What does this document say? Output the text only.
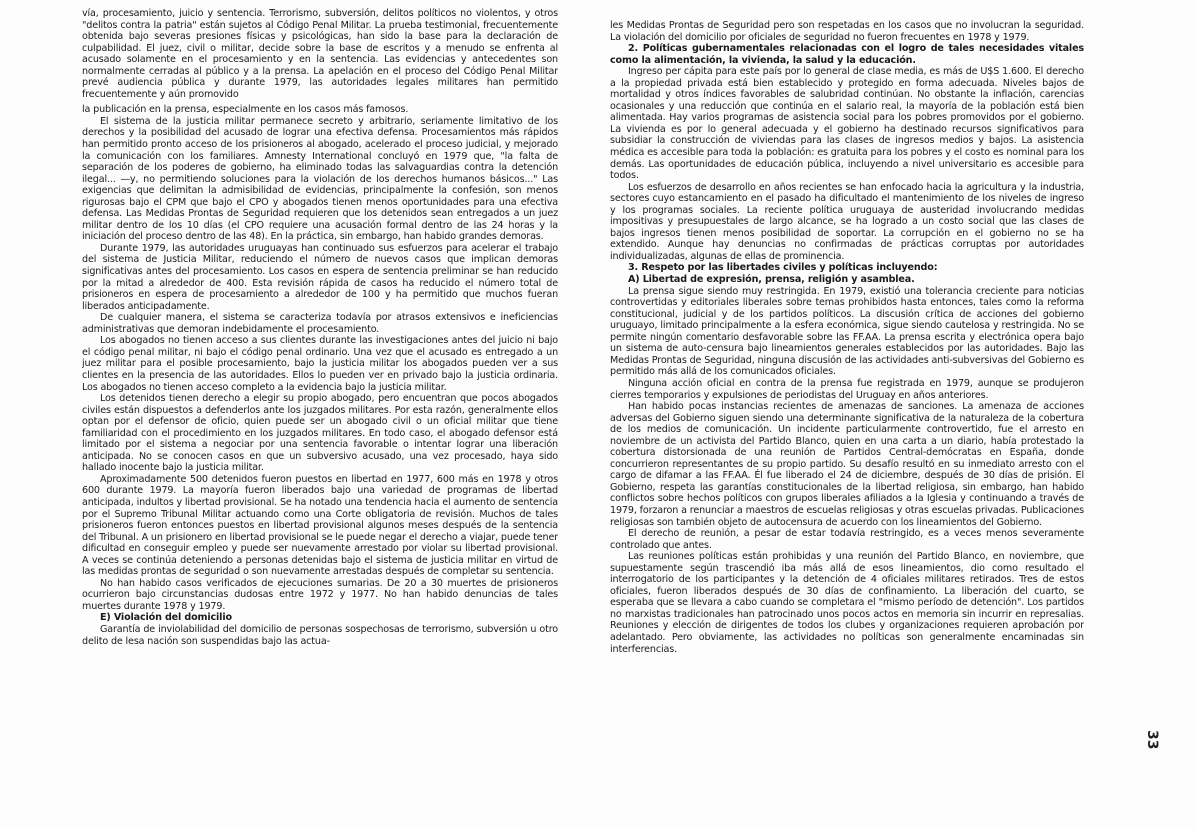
vía, procesamiento, juicio y sentencia. Terrorismo, subversión, delitos políticos no violentos, y otros "delitos contra la patria" están sujetos al Código Penal Militar. La prueba testimonial, frecuentemente obtenida bajo severas presiones físicas y psicológicas, han sido la base para la declaración de culpabilidad. El juez, civil o militar, decide sobre la base de escritos y a menudo se enfrenta al acusado solamente en el procesamiento y en la sentencia. Las evidencias y antecedentes son normalmente cerradas al público y a la prensa. La apelación en el proceso del Código Penal Militar prevé audiencia pública y durante 1979, las autoridades legales militares han permitido frecuentemente y aún promovido

la publicación en la prensa, especialmente en los casos más famosos.

El sistema de la justicia militar permanece secreto y arbitrario, seriamente limitativo de los derechos y la posibilidad del acusado de lograr una efectiva defensa. Procesamientos más rápidos han permitido pronto acceso de los prisioneros al abogado, acelerado el proceso judicial, y mejorado la comunicación con los familiares. Amnesty International concluyó en 1979 que, "la falta de separación de los poderes de gobierno, ha eliminado todas las salvaguardias contra la detención ilegal... —y, no permitiendo soluciones para la violación de los derechos humanos básicos..." Las exigencias que delimitan la admisibilidad de evidencias, principalmente la confesión, son menos rigurosas bajo el CPM que bajo el CPO y abogados tienen menos oportunidades para una efectiva defensa. Las Medidas Prontas de Seguridad requieren que los detenidos sean entregados a un juez militar dentro de los 10 días (el CPO requiere una acusación formal dentro de las 24 horas y la iniciación del proceso dentro de las 48). En la práctica, sin embargo, han habido grandes demoras.

Durante 1979, las autoridades uruguayas han continuado sus esfuerzos para acelerar el trabajo del sistema de Justicia Militar, reduciendo el número de nuevos casos que implican demoras significativas antes del procesamiento. Los casos en espera de sentencia preliminar se han reducido por la mitad a alrededor de 400. Esta revisión rápida de casos ha reducido el número total de prisioneros en espera de procesamiento a alrededor de 100 y ha permitido que muchos fueran liberados anticipadamente.

De cualquier manera, el sistema se caracteriza todavía por atrasos extensivos e ineficiencias administrativas que demoran indebidamente el procesamiento.

Los abogados no tienen acceso a sus clientes durante las investigaciones antes del juicio ni bajo el código penal militar, ni bajo el código penal ordinario. Una vez que el acusado es entregado a un juez militar para el posible procesamiento, bajo la justicia militar los abogados pueden ver a sus clientes en la presencia de las autoridades. Ellos lo pueden ver en privado bajo la justicia ordinaria. Los abogados no tienen acceso completo a la evidencia bajo la justicia militar.

Los detenidos tienen derecho a elegir su propio abogado, pero encuentran que pocos abogados civiles están dispuestos a defenderlos ante los juzgados militares. Por esta razón, generalmente ellos optan por el defensor de oficio, quien puede ser un abogado civil o un oficial militar que tiene familiaridad con el procedimiento en los juzgados militares. En todo caso, el abogado defensor está limitado por el sistema a negociar por una sentencia favorable o intentar lograr una liberación anticipada. No se conocen casos en que un subversivo acusado, una vez procesado, haya sido hallado inocente bajo la justicia militar.

Aproximadamente 500 detenidos fueron puestos en libertad en 1977, 600 más en 1978 y otros 600 durante 1979. La mayoría fueron liberados bajo una variedad de programas de libertad anticipada, indultos y libertad provisional. Se ha notado una tendencia hacia el aumento de sentencia por el Supremo Tribunal Militar actuando como una Corte obligatoria de revisión. Muchos de tales prisioneros fueron entonces puestos en libertad provisional algunos meses después de la sentencia del Tribunal. A un prisionero en libertad provisional se le puede negar el derecho a viajar, puede tener dificultad en conseguir empleo y puede ser nuevamente arrestado por violar su libertad provisional. A veces se continúa deteniendo a personas detenidas bajo el sistema de justicia militar en virtud de las medidas prontas de seguridad o son nuevamente arrestadas después de completar su sentencia.

No han habido casos verificados de ejecuciones sumarias. De 20 a 30 muertes de prisioneros ocurrieron bajo circunstancias dudosas entre 1972 y 1977. No han habido denuncias de tales muertes durante 1978 y 1979.

E) Violación del domicilio

Garantía de inviolabilidad del domicilio de personas sospechosas de terrorismo, subversión u otro delito de lesa nación son suspendidas bajo las actua-

les Medidas Prontas de Seguridad pero son respetadas en los casos que no involucran la seguridad. La violación del domicilio por oficiales de seguridad no fueron frecuentes en 1978 y 1979.

2. Políticas gubernamentales relacionadas con el logro de tales necesidades vitales como la alimentación, la vivienda, la salud y la educación.

Ingreso per cápita para este país por lo general de clase media, es más de U$S 1.600. El derecho a la propiedad privada está bien establecido y protegido en forma adecuada. Niveles bajos de mortalidad y otros índices favorables de salubridad continúan. No obstante la inflación, carencias ocasionales y una reducción que continúa en el salario real, la mayoría de la población está bien alimentada. Hay varios programas de asistencia social para los pobres promovidos por el gobierno. La vivienda es por lo general adecuada y el gobierno ha destinado recursos significativos para subsidiar la construcción de viviendas para las clases de ingresos medios y bajos. La asistencia médica es accesible para toda la población: es gratuita para los pobres y el costo es nominal para los demás. Las oportunidades de educación pública, incluyendo a nivel universitario es accesible para todos.

Los esfuerzos de desarrollo en años recientes se han enfocado hacia la agricultura y la industria, sectores cuyo estancamiento en el pasado ha dificultado el mantenimiento de los niveles de ingreso y los programas sociales. La reciente política uruguaya de austeridad involucrando medidas impositivas y presupuestales de largo alcance, se ha logrado a un costo social que las clases de bajos ingresos tienen menos posibilidad de soportar. La corrupción en el gobierno no se ha extendido. Aunque hay denuncias no confirmadas de prácticas corruptas por autoridades individualizadas, algunas de ellas de prominencia.

3. Respeto por las libertades civiles y políticas incluyendo:

A) Libertad de expresión, prensa, religión y asamblea.

La prensa sigue siendo muy restringida. En 1979, existió una tolerancia creciente para noticias controvertidas y editoriales liberales sobre temas prohibidos hasta entonces, tales como la reforma constitucional, judicial y de los partidos políticos. La discusión crítica de acciones del gobierno uruguayo, limitado principalmente a la esfera económica, sigue siendo cautelosa y restringida. No se permite ningún comentario desfavorable sobre las FF.AA. La prensa escrita y electrónica opera bajo un sistema de auto-censura bajo lineamientos generales establecidos por las autoridades. Bajo las Medidas Prontas de Seguridad, ninguna discusión de las actividades anti-subversivas del Gobierno es permitido más allá de los comunicados oficiales.

Ninguna acción oficial en contra de la prensa fue registrada en 1979, aunque se produjeron cierres temporarios y expulsiones de periodistas del Uruguay en años anteriores.

Han habido pocas instancias recientes de amenazas de sanciones. La amenaza de acciones adversas del Gobierno siguen siendo una determinante significativa de la naturaleza de la cobertura de los medios de comunicación. Un incidente particularmente controvertido, fue el arresto en noviembre de un activista del Partido Blanco, quien en una carta a un diario, había protestado la cobertura distorsionada de una reunión de Partidos Central-demócratas en España, donde concurrieron representantes de su propio partido. Su desafío resultó en su inmediato arresto con el cargo de difamar a las FF.AA. Él fue liberado el 24 de diciembre, después de 30 días de prisión. El Gobierno, respeta las garantías constitucionales de la libertad religiosa, sin embargo, han habido conflictos sobre hechos políticos con grupos liberales afiliados a la Iglesia y continuando a través de 1979, forzaron a renunciar a maestros de escuelas religiosas y otras escuelas privadas. Publicaciones religiosas son también objeto de autocensura de acuerdo con los lineamientos del Gobierno.

El derecho de reunión, a pesar de estar todavía restringido, es a veces menos severamente controlado que antes.

Las reuniones políticas están prohibidas y una reunión del Partido Blanco, en noviembre, que supuestamente según trascendió iba más allá de esos lineamientos, dio como resultado el interrogatorio de los participantes y la detención de 4 oficiales militares retirados. Tres de estos oficiales, fueron liberados después de 30 días de confinamiento. La liberación del cuarto, se esperaba que se llevara a cabo cuando se completara el "mismo período de detención". Los partidos no marxistas tradicionales han patrocinado unos pocos actos en memoria sin incurrir en represalias. Reuniones y elección de dirigentes de todos los clubes y organizaciones requieren aprobación por adelantado. Pero obviamente, las actividades no políticas son generalmente encaminadas sin interferencias.

33
